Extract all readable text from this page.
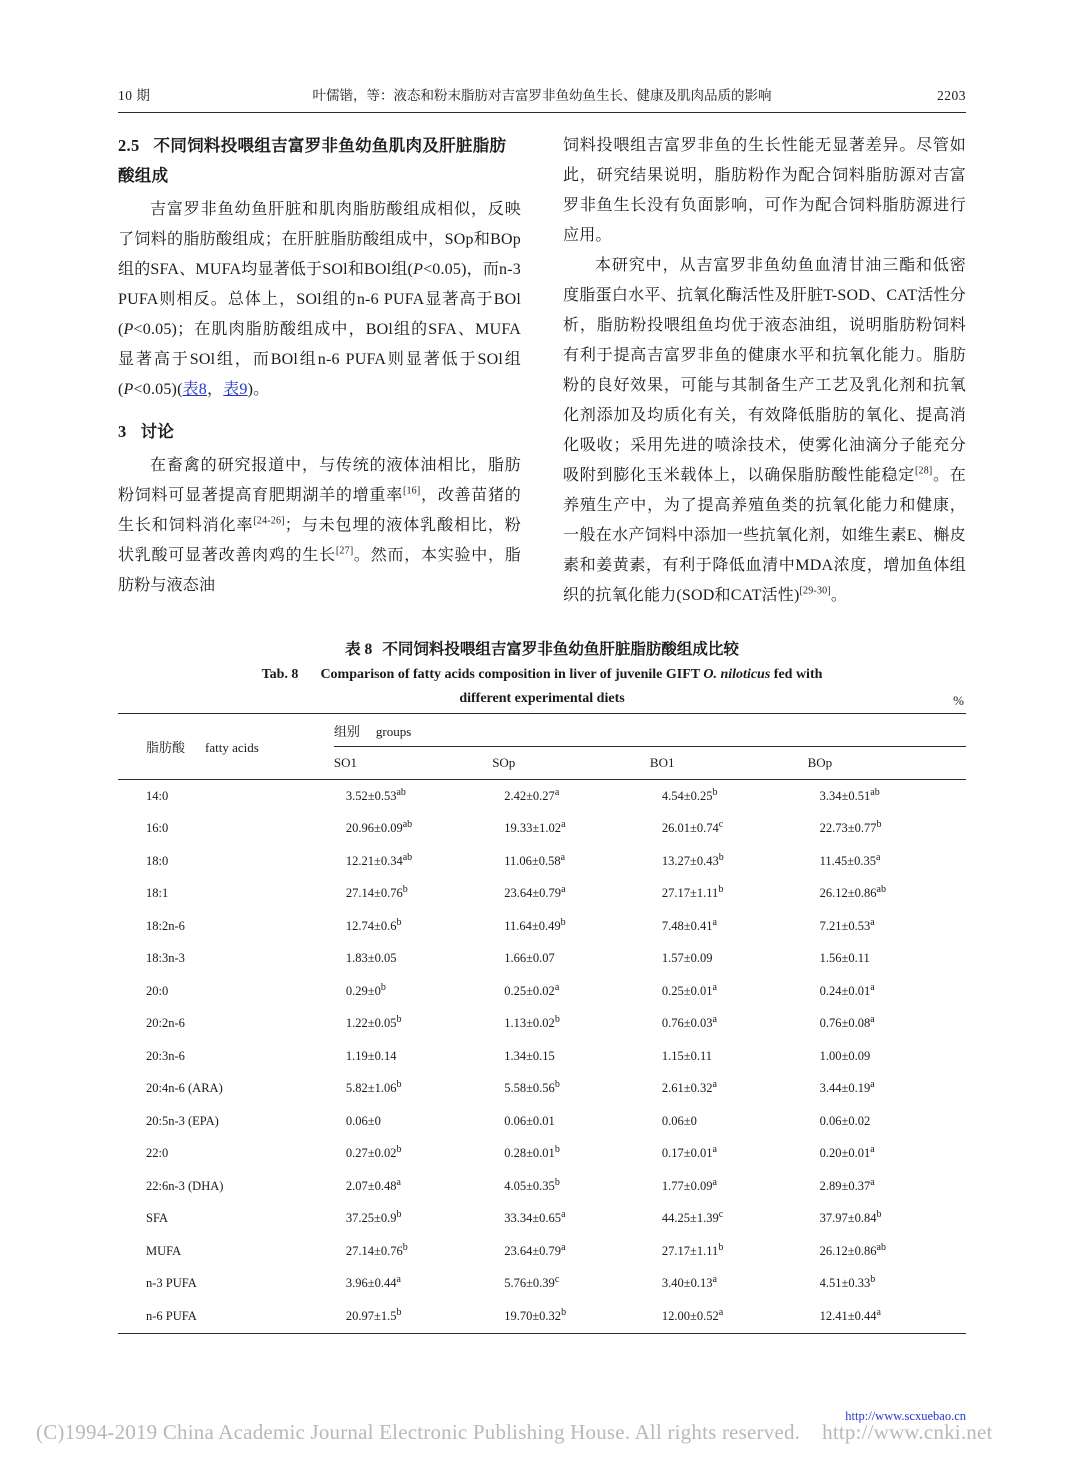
10 期	叶儒锴，等：液态和粉末脂肪对吉富罗非鱼幼鱼生长、健康及肌肉品质的影响	2203
2.5 不同饲料投喂组吉富罗非鱼幼鱼肌肉及肝脏脂肪酸组成

吉富罗非鱼幼鱼肝脏和肌肉脂肪酸组成相似，反映了饲料的脂肪酸组成；在肝脏脂肪酸组成中，SOp和BOp组的SFA、MUFA均显著低于SOl和BOl组(P<0.05)，而n-3 PUFA则相反。总体上，SOl组的n-6 PUFA显著高于BOl (P<0.05)；在肌肉脂肪酸组成中，BOl组的SFA、MUFA显著高于SOl组，而BOl组n-6 PUFA则显著低于SOl组(P<0.05)(表8，表9)。

3 讨论

在畜禽的研究报道中，与传统的液体油相比，脂肪粉饲料可显著提高育肥期湖羊的增重率[16]，改善苗猪的生长和饲料消化率[24-26]；与未包埋的液体乳酸相比，粉状乳酸可显著改善肉鸡的生长[27]。然而，本实验中，脂肪粉与液态油

饲料投喂组吉富罗非鱼的生长性能无显著差异。尽管如此，研究结果说明，脂肪粉作为配合饲料脂肪源对吉富罗非鱼生长没有负面影响，可作为配合饲料脂肪源进行应用。

本研究中，从吉富罗非鱼幼鱼血清甘油三酯和低密度脂蛋白水平、抗氧化酶活性及肝脏T-SOD、CAT活性分析，脂肪粉投喂组鱼均优于液态油组，说明脂肪粉饲料有利于提高吉富罗非鱼的健康水平和抗氧化能力。脂肪粉的良好效果，可能与其制备生产工艺及乳化剂和抗氧化剂添加及均质化有关，有效降低脂肪的氧化、提高消化吸收；采用先进的喷涂技术，使雾化油滴分子能充分吸附到膨化玉米载体上，以确保脂肪酸性能稳定[28]。在养殖生产中，为了提高养殖鱼类的抗氧化能力和健康，一般在水产饲料中添加一些抗氧化剂，如维生素E、槲皮素和姜黄素，有利于降低血清中MDA浓度，增加鱼体组织的抗氧化能力(SOD和CAT活性)[29-30]。

表 8 不同饲料投喂组吉富罗非鱼幼鱼肝脏脂肪酸组成比较
Tab. 8 Comparison of fatty acids composition in liver of juvenile GIFT O. niloticus fed with
different experimental diets	%
脂肪酸 fatty acids	组别 groups			
	SO1	SOp	BO1	BOp
14:0	3.52±0.53$^{ab}$	2.42±0.27$^a$	4.54±0.25$^b$	3.34±0.51$^{ab}$
16:0	20.96±0.09$^{ab}$	19.33±1.02$^a$	26.01±0.74$^c$	22.73±0.77$^b$
18:0	12.21±0.34$^{ab}$	11.06±0.58$^a$	13.27±0.43$^b$	11.45±0.35$^a$
18:1	27.14±0.76$^b$	23.64±0.79$^a$	27.17±1.11$^b$	26.12±0.86$^{ab}$
18:2n-6	12.74±0.6$^b$	11.64±0.49$^b$	7.48±0.41$^a$	7.21±0.53$^a$
18:3n-3	1.83±0.05	1.66±0.07	1.57±0.09	1.56±0.11
20:0	$0.29\pm 0^b$	0.25±0.02$^a$	0.25±0.01$^a$	0.24±0.01$^a$
20:2n-6	1.22±0.05$^b$	1.13±0.02$^b$	0.76±0.03$^a$	0.76±0.08$^a$
20:3n-6	1.19±0.14	1.34±0.15	1.15±0.11	1.00±0.09
20:4n-6 (ARA)	5.82±1.06$^b$	5.58±0.56$^b$	2.61±0.32$^a$	3.44±0.19$^a$
20:5n-3 (EPA)	0.06±0	0.06±0.01	0.06±0	0.06±0.02
22:0	0.27±0.02$^b$	0.28±0.01$^b$	0.17±0.01$^a$	0.20±0.01$^a$
22:6n-3 (DHA)	2.07±0.48$^a$	4.05±0.35$^b$	1.77±0.09$^a$	2.89±0.37$^a$
SFA	37.25±0.9$^b$	33.34±0.65$^a$	44.25±1.39$^c$	37.97±0.84$^b$
MUFA	27.14±0.76$^b$	23.64±0.79$^a$	27.17±1.11$^b$	26.12±0.86$^{ab}$
n-3 PUFA	3.96±0.44$^a$	5.76±0.39$^c$	3.40±0.13$^a$	4.51±0.33$^b$
n-6 PUFA	20.97±1.5$^b$	19.70±0.32$^b$	12.00±0.52$^a$	12.41±0.44$^a$
http://www.scxuebao.cn
(C)1994-2019 China Academic Journal Electronic Publishing House. All rights reserved. http://www.cnki.net
